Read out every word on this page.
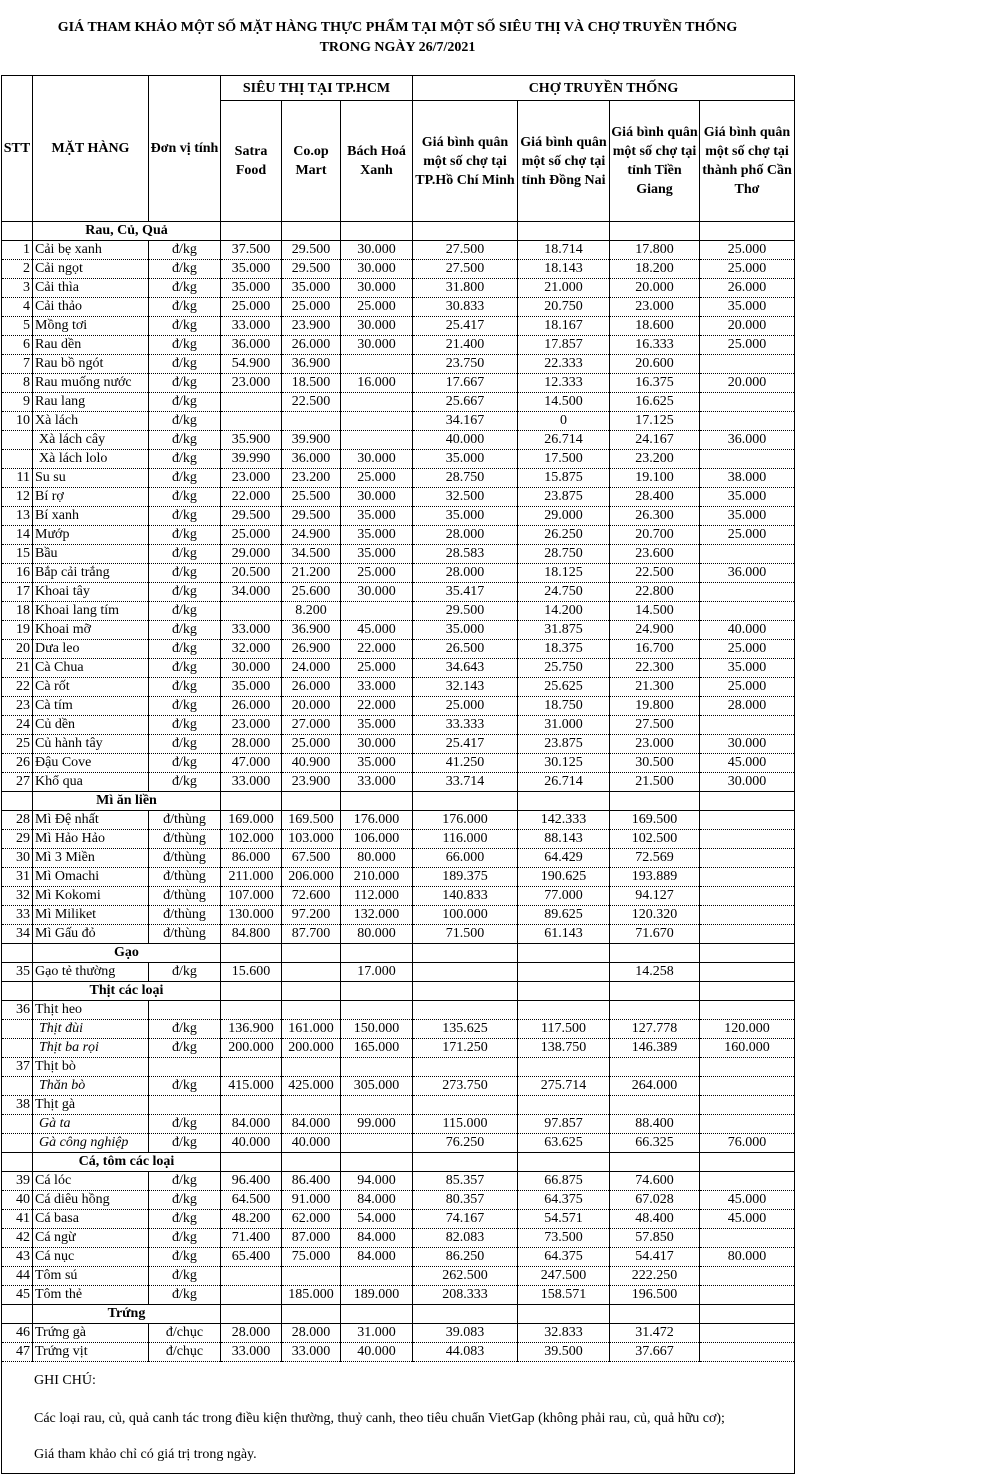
GIÁ THAM KHẢO MỘT SỐ MẶT HÀNG THỰC PHẨM TẠI MỘT SỐ SIÊU THỊ VÀ CHỢ TRUYỀN THỐNG
TRONG NGÀY 26/7/2021
STT	MẶT HÀNG	Đơn vị tính	SIÊU THỊ TẠI TP.HCM			CHỢ TRUYỀN THỐNG			
			Satra Food	Co.op Mart	Bách Hoá Xanh	Giá bình quân một số chợ tại TP.Hồ Chí Minh	Giá bình quân một số chợ tại tỉnh Đồng Nai	Giá bình quân một số chợ tại tỉnh Tiền Giang	Giá bình quân một số chợ tại thành phố Cần Thơ
	Rau, Củ, Quả								
1	Cải bẹ xanh	đ/kg	37.500	29.500	30.000	27.500	18.714	17.800	25.000
2	Cải ngọt	đ/kg	35.000	29.500	30.000	27.500	18.143	18.200	25.000
3	Cải thìa	đ/kg	35.000	35.000	30.000	31.800	21.000	20.000	26.000
4	Cải thảo	đ/kg	25.000	25.000	25.000	30.833	20.750	23.000	35.000
5	Mồng tơi	đ/kg	33.000	23.900	30.000	25.417	18.167	18.600	20.000
6	Rau dền	đ/kg	36.000	26.000	30.000	21.400	17.857	16.333	25.000
7	Rau bồ ngót	đ/kg	54.900	36.900		23.750	22.333	20.600	
8	Rau muống nước	đ/kg	23.000	18.500	16.000	17.667	12.333	16.375	20.000
9	Rau lang	đ/kg		22.500		25.667	14.500	16.625	
10	Xà lách	đ/kg				34.167	0	17.125	
	Xà lách cây	đ/kg	35.900	39.900		40.000	26.714	24.167	36.000
	Xà lách lolo	đ/kg	39.990	36.000	30.000	35.000	17.500	23.200	
11	Su su	đ/kg	23.000	23.200	25.000	28.750	15.875	19.100	38.000
12	Bí rợ	đ/kg	22.000	25.500	30.000	32.500	23.875	28.400	35.000
13	Bí xanh	đ/kg	29.500	29.500	35.000	35.000	29.000	26.300	35.000
14	Mướp	đ/kg	25.000	24.900	35.000	28.000	26.250	20.700	25.000
15	Bầu	đ/kg	29.000	34.500	35.000	28.583	28.750	23.600	
16	Bắp cải trắng	đ/kg	20.500	21.200	25.000	28.000	18.125	22.500	36.000
17	Khoai tây	đ/kg	34.000	25.600	30.000	35.417	24.750	22.800	
18	Khoai lang tím	đ/kg		8.200		29.500	14.200	14.500	
19	Khoai mỡ	đ/kg	33.000	36.900	45.000	35.000	31.875	24.900	40.000
20	Dưa leo	đ/kg	32.000	26.900	22.000	26.500	18.375	16.700	25.000
21	Cà Chua	đ/kg	30.000	24.000	25.000	34.643	25.750	22.300	35.000
22	Cà rốt	đ/kg	35.000	26.000	33.000	32.143	25.625	21.300	25.000
23	Cà tím	đ/kg	26.000	20.000	22.000	25.000	18.750	19.800	28.000
24	Củ dền	đ/kg	23.000	27.000	35.000	33.333	31.000	27.500	
25	Củ hành tây	đ/kg	28.000	25.000	30.000	25.417	23.875	23.000	30.000
26	Đậu Cove	đ/kg	47.000	40.900	35.000	41.250	30.125	30.500	45.000
27	Khổ qua	đ/kg	33.000	23.900	33.000	33.714	26.714	21.500	30.000
	Mì ăn liền								
28	Mì Đệ nhất	đ/thùng	169.000	169.500	176.000	176.000	142.333	169.500	
29	Mì Hảo Hảo	đ/thùng	102.000	103.000	106.000	116.000	88.143	102.500	
30	Mì 3 Miền	đ/thùng	86.000	67.500	80.000	66.000	64.429	72.569	
31	Mì Omachi	đ/thùng	211.000	206.000	210.000	189.375	190.625	193.889	
32	Mì Kokomi	đ/thùng	107.000	72.600	112.000	140.833	77.000	94.127	
33	Mì Miliket	đ/thùng	130.000	97.200	132.000	100.000	89.625	120.320	
34	Mì Gấu đỏ	đ/thùng	84.800	87.700	80.000	71.500	61.143	71.670	
	Gạo								
35	Gạo tẻ thường	đ/kg	15.600		17.000			14.258	
	Thịt các loại								
36	Thịt heo								
	Thịt đùi	đ/kg	136.900	161.000	150.000	135.625	117.500	127.778	120.000
	Thịt ba rọi	đ/kg	200.000	200.000	165.000	171.250	138.750	146.389	160.000
37	Thịt bò								
	Thăn bò	đ/kg	415.000	425.000	305.000	273.750	275.714	264.000	
38	Thịt gà								
	Gà ta	đ/kg	84.000	84.000	99.000	115.000	97.857	88.400	
	Gà công nghiệp	đ/kg	40.000	40.000		76.250	63.625	66.325	76.000
	Cá, tôm các loại								
39	Cá lóc	đ/kg	96.400	86.400	94.000	85.357	66.875	74.600	
40	Cá diêu hồng	đ/kg	64.500	91.000	84.000	80.357	64.375	67.028	45.000
41	Cá basa	đ/kg	48.200	62.000	54.000	74.167	54.571	48.400	45.000
42	Cá ngừ	đ/kg	71.400	87.000	84.000	82.083	73.500	57.850	
43	Cá nục	đ/kg	65.400	75.000	84.000	86.250	64.375	54.417	80.000
44	Tôm sú	đ/kg				262.500	247.500	222.250	
45	Tôm thẻ	đ/kg		185.000	189.000	208.333	158.571	196.500	
	Trứng								
46	Trứng gà	đ/chục	28.000	28.000	31.000	39.083	32.833	31.472	
47	Trứng vịt	đ/chục	33.000	33.000	40.000	44.083	39.500	37.667	
GHI CHÚ:									
Các loại rau, củ, quả canh tác trong điều kiện thường, thuỷ canh, theo tiêu chuẩn VietGap (không phải rau, củ, quả hữu cơ);									
Giá tham khảo chỉ có giá trị trong ngày.									
